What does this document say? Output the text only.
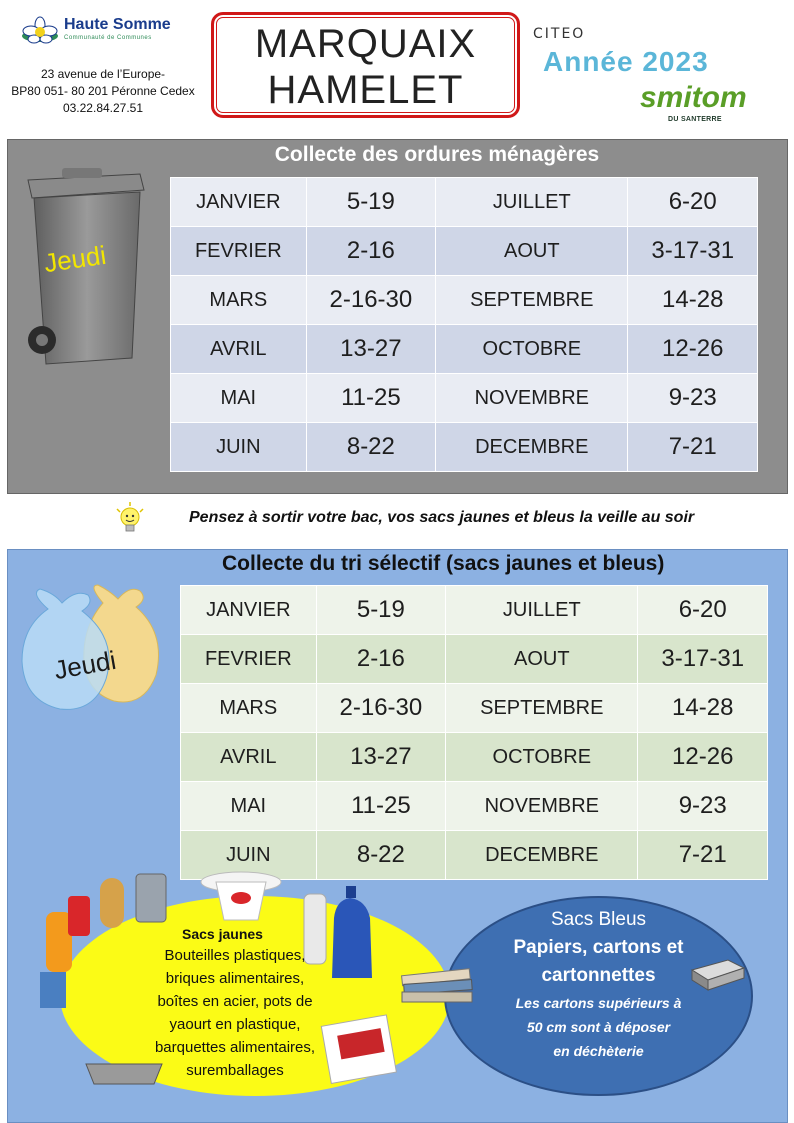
Haute Somme
Communauté de Communes
23 avenue de l’Europe-
BP80 051- 80 201 Péronne Cedex
03.22.84.27.51
MARQUAIX
HAMELET
CITEO
Année 2023
smitom
DU SANTERRE
Collecte des ordures ménagères
Jeudi
JANVIER	5-19	JUILLET	6-20
FEVRIER	2-16	AOUT	3-17-31
MARS	2-16-30	SEPTEMBRE	14-28
AVRIL	13-27	OCTOBRE	12-26
MAI	11-25	NOVEMBRE	9-23
JUIN	8-22	DECEMBRE	7-21
Pensez à sortir votre bac, vos sacs jaunes et bleus la veille au soir
Collecte du tri sélectif (sacs jaunes et bleus)
Jeudi
JANVIER	5-19	JUILLET	6-20
FEVRIER	2-16	AOUT	3-17-31
MARS	2-16-30	SEPTEMBRE	14-28
AVRIL	13-27	OCTOBRE	12-26
MAI	11-25	NOVEMBRE	9-23
JUIN	8-22	DECEMBRE	7-21
Sacs jaunes
Bouteilles plastiques,
briques alimentaires,
boîtes en acier, pots de
yaourt en plastique,
barquettes alimentaires,
suremballages
Sacs Bleus
Papiers, cartons et
cartonnettes
Les cartons supérieurs à
50 cm sont à déposer
en déchèterie
